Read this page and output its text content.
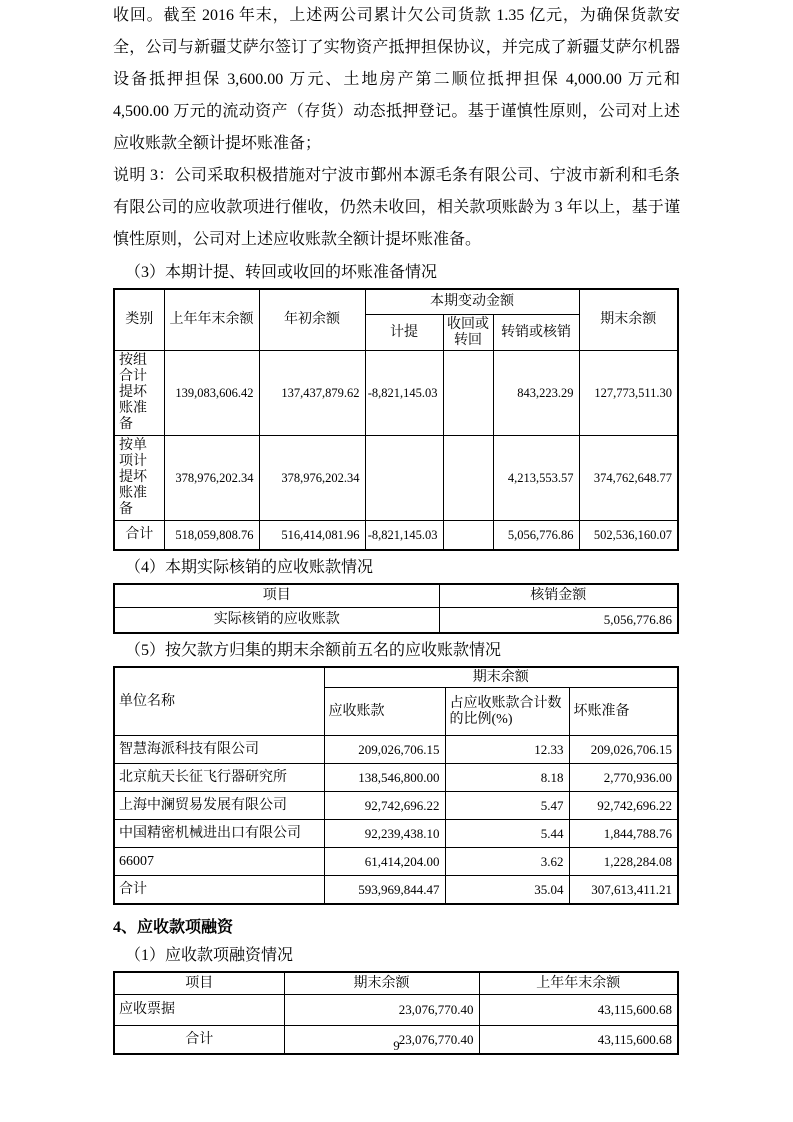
收回。截至 2016 年末，上述两公司累计欠公司货款 1.35 亿元，为确保货款安全，公司与新疆艾萨尔签订了实物资产抵押担保协议，并完成了新疆艾萨尔机器设备抵押担保 3,600.00 万元、土地房产第二顺位抵押担保 4,000.00 万元和 4,500.00 万元的流动资产（存货）动态抵押登记。基于谨慎性原则，公司对上述应收账款全额计提坏账准备；

说明 3：公司采取积极措施对宁波市鄞州本源毛条有限公司、宁波市新利和毛条有限公司的应收款项进行催收，仍然未收回，相关款项账龄为 3 年以上，基于谨慎性原则，公司对上述应收账款全额计提坏账准备。

（3）本期计提、转回或收回的坏账准备情况
类别	上年年末余额	年初余额	本期变动金额			期末余额
			计提	收回或转回	转销或核销	
按组合计提坏账准备	139,083,606.42	137,437,879.62	-8,821,145.03		843,223.29	127,773,511.30
按单项计提坏账准备	378,976,202.34	378,976,202.34			4,213,553.57	374,762,648.77
合计	518,059,808.76	516,414,081.96	-8,821,145.03		5,056,776.86	502,536,160.07
（4）本期实际核销的应收账款情况
项目	核销金额
实际核销的应收账款	5,056,776.86
（5）按欠款方归集的期末余额前五名的应收账款情况
单位名称	期末余额		
	应收账款	占应收账款合计数的比例(%)	坏账准备
智慧海派科技有限公司	209,026,706.15	12.33	209,026,706.15
北京航天长征飞行器研究所	138,546,800.00	8.18	2,770,936.00
上海中澜贸易发展有限公司	92,742,696.22	5.47	92,742,696.22
中国精密机械进出口有限公司	92,239,438.10	5.44	1,844,788.76
66007	61,414,204.00	3.62	1,228,284.08
合计	593,969,844.47	35.04	307,613,411.21
4、应收款项融资
（1）应收款项融资情况
项目	期末余额	上年年末余额
应收票据	23,076,770.40	43,115,600.68
合计	23,076,770.40	43,115,600.68
9
